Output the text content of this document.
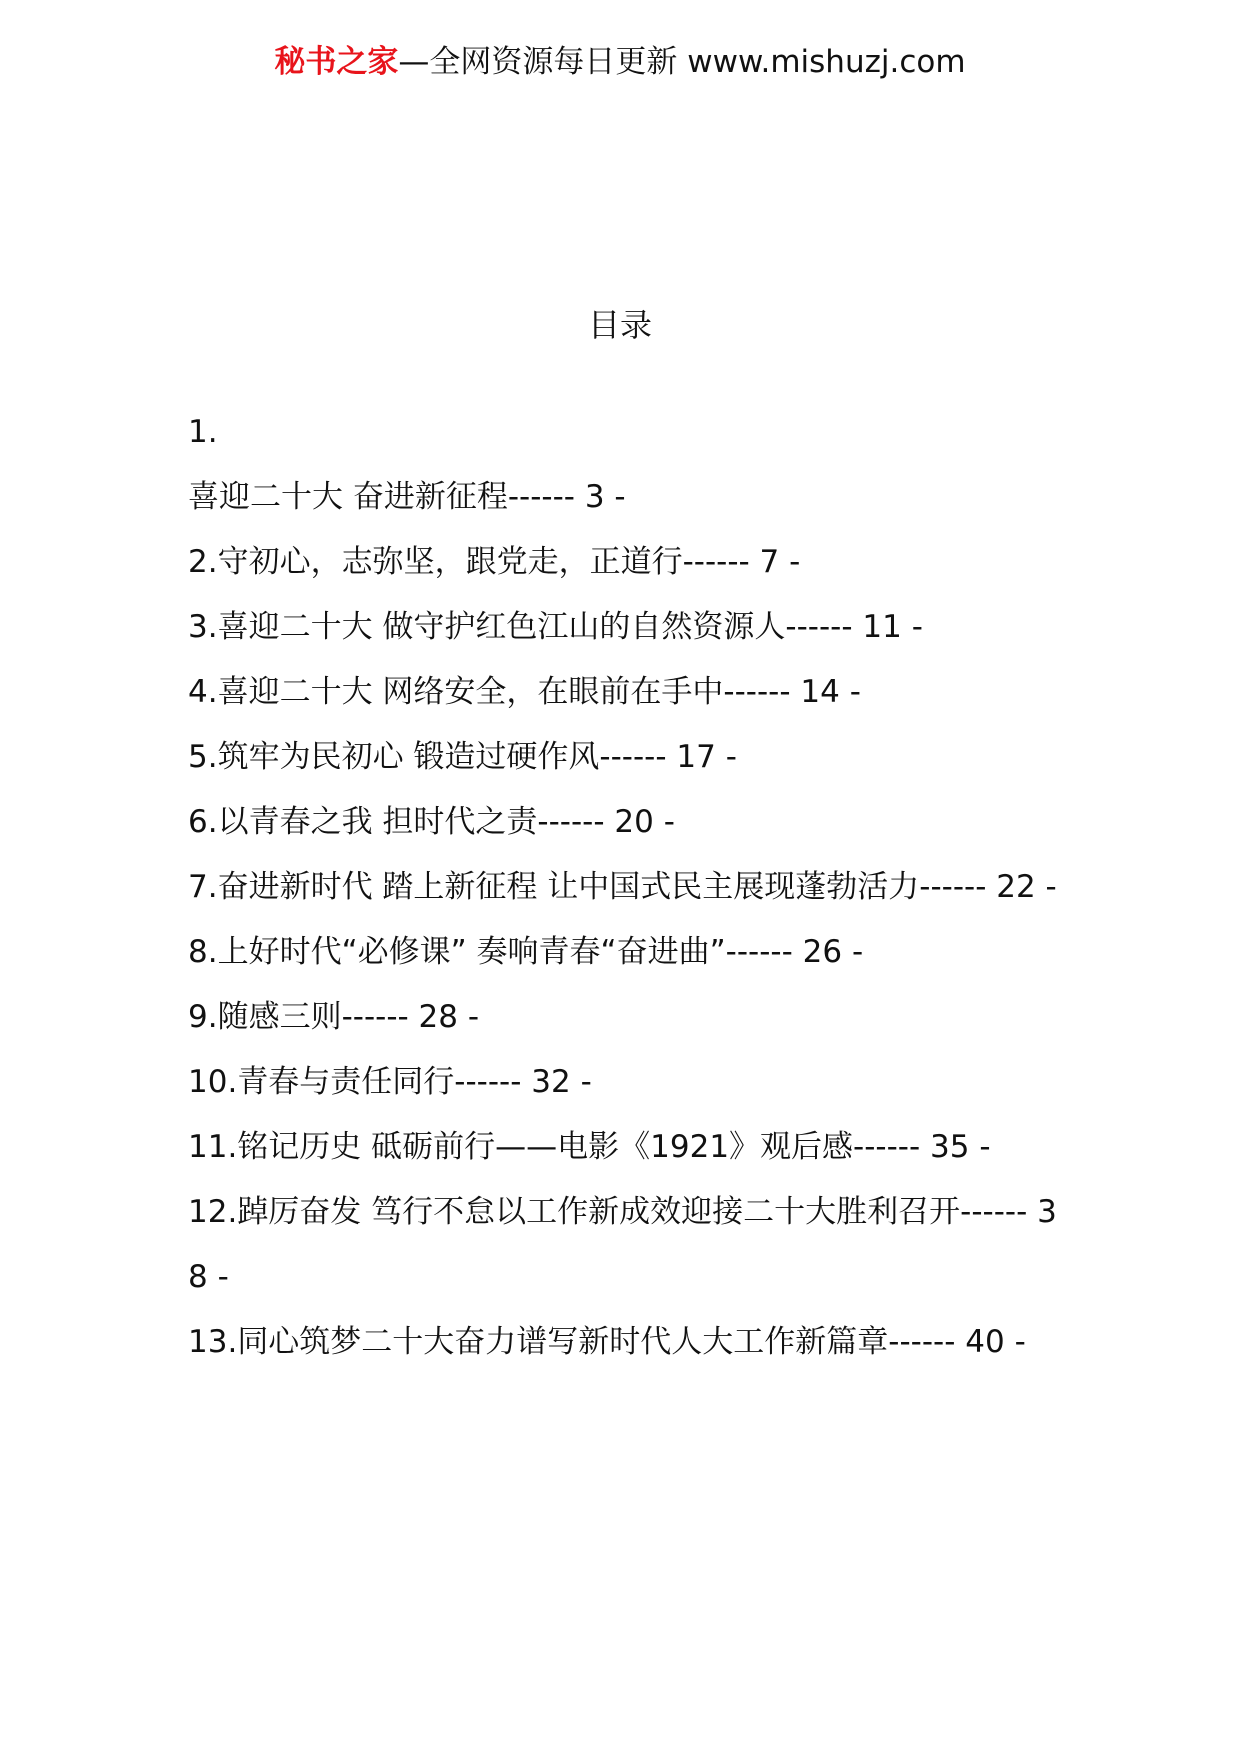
秘书之家—全网资源每日更新 www.mishuzj.com
目录
1.
喜迎二十大 奋进新征程------ 3 -
2.守初心，志弥坚，跟党走，正道行------ 7 -
3.喜迎二十大 做守护红色江山的自然资源人------ 11 -
4.喜迎二十大 网络安全，在眼前在手中------ 14 -
5.筑牢为民初心 锻造过硬作风------ 17 -
6.以青春之我 担时代之责------ 20 -
7.奋进新时代 踏上新征程 让中国式民主展现蓬勃活力------ 22 -
8.上好时代“必修课” 奏响青春“奋进曲”------ 26 -
9.随感三则------ 28 -
10.青春与责任同行------ 32 -
11.铭记历史 砥砺前行——电影《1921》观后感------ 35 -
12.踔厉奋发 笃行不怠以工作新成效迎接二十大胜利召开------ 38 -
13.同心筑梦二十大奋力谱写新时代人大工作新篇章------ 40 -
